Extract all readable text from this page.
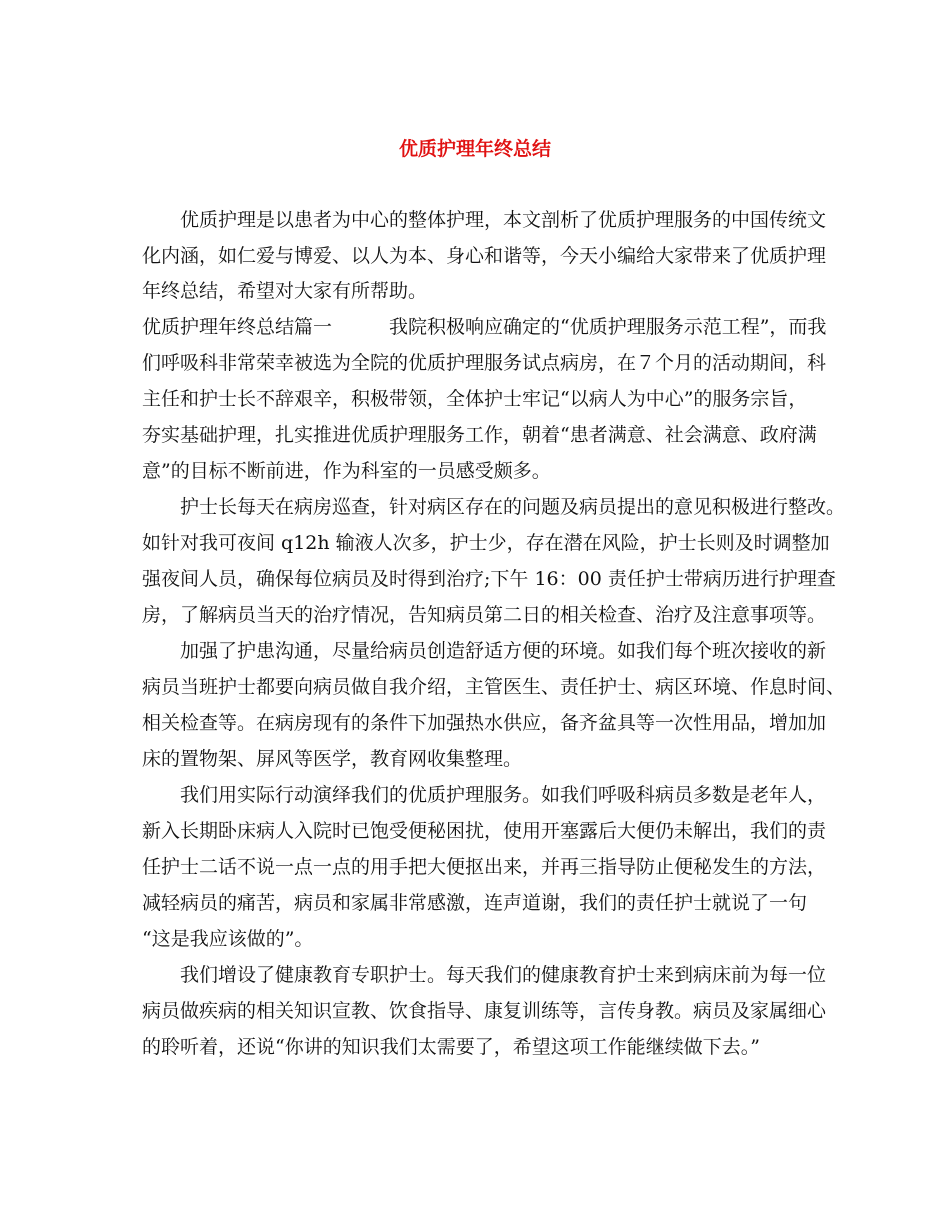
优质护理年终总结

　　优质护理是以患者为中心的整体护理，本文剖析了优质护理服务的中国传统文

化内涵，如仁爱与博爱、以人为本、身心和谐等，今天小编给大家带来了优质护理

年终总结，希望对大家有所帮助。

优质护理年终总结篇一　　　我院积极响应确定的“优质护理服务示范工程”，而我

们呼吸科非常荣幸被选为全院的优质护理服务试点病房，在７个月的活动期间，科

主任和护士长不辞艰辛，积极带领，全体护士牢记“以病人为中心”的服务宗旨，

夯实基础护理，扎实推进优质护理服务工作，朝着“患者满意、社会满意、政府满

意”的目标不断前进，作为科室的一员感受颇多。

　　护士长每天在病房巡查，针对病区存在的问题及病员提出的意见积极进行整改。

如针对我可夜间 q12h 输液人次多，护士少，存在潜在风险，护士长则及时调整加

强夜间人员，确保每位病员及时得到治疗;下午 16：00 责任护士带病历进行护理查

房，了解病员当天的治疗情况，告知病员第二日的相关检查、治疗及注意事项等。

　　加强了护患沟通，尽量给病员创造舒适方便的环境。如我们每个班次接收的新

病员当班护士都要向病员做自我介绍，主管医生、责任护士、病区环境、作息时间、

相关检查等。在病房现有的条件下加强热水供应，备齐盆具等一次性用品，增加加

床的置物架、屏风等医学，教育网收集整理。

　　我们用实际行动演绎我们的优质护理服务。如我们呼吸科病员多数是老年人，

新入长期卧床病人入院时已饱受便秘困扰，使用开塞露后大便仍未解出，我们的责

任护士二话不说一点一点的用手把大便抠出来，并再三指导防止便秘发生的方法，

减轻病员的痛苦，病员和家属非常感激，连声道谢，我们的责任护士就说了一句

“这是我应该做的”。

　　我们增设了健康教育专职护士。每天我们的健康教育护士来到病床前为每一位

病员做疾病的相关知识宣教、饮食指导、康复训练等，言传身教。病员及家属细心

的聆听着，还说“你讲的知识我们太需要了，希望这项工作能继续做下去。”
